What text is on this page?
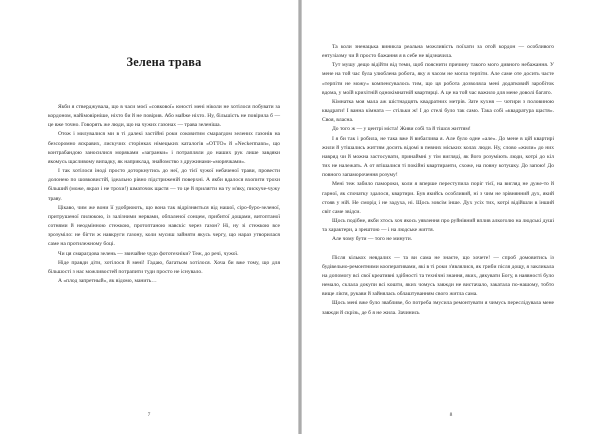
Зелена трава

Якби я стверджувала, що в часи моєї «совкової» юності мені ніколи не хотілося побувати за кордоном, найімовірніше, ніхто би й не повірив. Або майже ніхто. Ну, більшість не повірила б — це вже точно. Говорять же люди, що на чужих газонах — трава зеленіша.

Отож і милувалися ми в ті далекі застійні роки соковитим смарагдом зелених газонів на безсоромно яскравих, лискучих сторінках німецьких каталогів «OTTO» й «Neckermann», що контрабандою заносилися моряками «загранки» і потрапляли до наших рук лише завдяки якомусь щасливому випадку, як наприклад, знайомство з дружинами-«морячками».

І так хотілося іноді просто доторкнутись до неї, до тієї чужої небаченої трави, провести долонею по шовковистій, ідеально рівно підстриженій поверхні. А якби вдалося вхопити трохи більший (може, якраз і не трохи!) шматочок щастя — то це й прилягти на ту м'яку, пискуче-чужу траву.

Цікаво, чим же вони її удобрюють, що вона так відрізняється від нашої, сіро-буро-зеленої, притрушеної пилюкою, із залізними нервами, обпаленої сонцем, прибитої дощами, витоптаної сотнями й неодмінною стежкою, протоптаною навскіс через газон? Ні, ну зі стежкою все зрозуміло: не бігти ж навкруги газону, коли мусиш зайняти якусь чергу, що нараз утворилася саме на протилежному боці.

Чи ця смарагдова зелень — звичайне чудо фототехніки? Теж, до речі, чужої.

Ніде правди діти, хотілося й мені! Гадаю, багатьом хотілося. Хоча би вже тому, що для більшості з нас можливостей потрапити туди просто не існувало.

А «плод запретный», як відомо, манить…

7

Та коли зненацька виникла реальна можливість поїхати за отой кордон — особливого ентузіазму чи й просто бажання я в себе не відзначила.

Тут мушу дещо відійти від теми, щоб пояснити причину такого мого дивного небажання. У мене на той час була улюблена робота, яку я часом не могла терпіти. Але саме оте досить часте «терпіти не можу» компенсувалось тим, що ця робота дозволяла мені додатковий заробіток вдома, у моїй крихітній однокімнатній квартирці. А це на той час важило для мене доволі багато.

Кімнатка моя мала аж шістнадцять квадратних метрів. Зате кухня — чотири з половиною квадрати! І ванна кімната — стільки ж! І до стелі було так само. Така собі «квадратура щастя». Своя, власна.

До того ж — у центрі міста! Живи собі та й тішся життям!

І я би так і робила, не така вже й вибаглива я. Але було одне «але». До мене в цій квартирі жили й утішались життям досить відомі в певних міських колах люди. Ну, слово «жили» до них навряд чи й можна застосувати, принаймні у тім вигляді, як його розуміють люди, котрі до кіл тих не належать. А от втішалися ті покійні квартиранти, схоже, на повну котушку. До запою! До повного запаморочення розуму!

Мені теж забило памороки, коли я вперше переступила поріг тієї, на вигляд не дуже-то й гарної, як спочатку здалося, квартири. Був якийсь особливий, ні з чим не зрівнянний дух, який стояв у ній. Не сморід і не задуха, ні. Щось зовсім інше. Дух усіх тих, котрі відійшли в інший світ саме звідси.

Щось подібне, якби хтось хоч якось уявлення про руйнівний вплив алкоголю на людські душі та характери, а зрештою — і на людське життя.

Але чому бути — того не минути.

Після кількох невдалих — та ви сама не знаєте, що хочете! — спроб домовитись із будівельно-ремонтними кооперативами, які в ті роки з'являлися, як гриби після дощу, я закликала на допомогу всі свої креативні здібності та технічні знання, яких, дякувати Богу, в наявності було немало, склала докупи всі кошти, яких чомусь завжди не вистачало, закатала по-нашому, тобто вище ліктя, рукави й зайнялась облаштуванням свого житла сама.

Щось мені вже було звабливе, бо потреба змусила ремонтувати я чимусь переслідувала мене завжди й скрізь, де б я не жила. Зачинись

8
